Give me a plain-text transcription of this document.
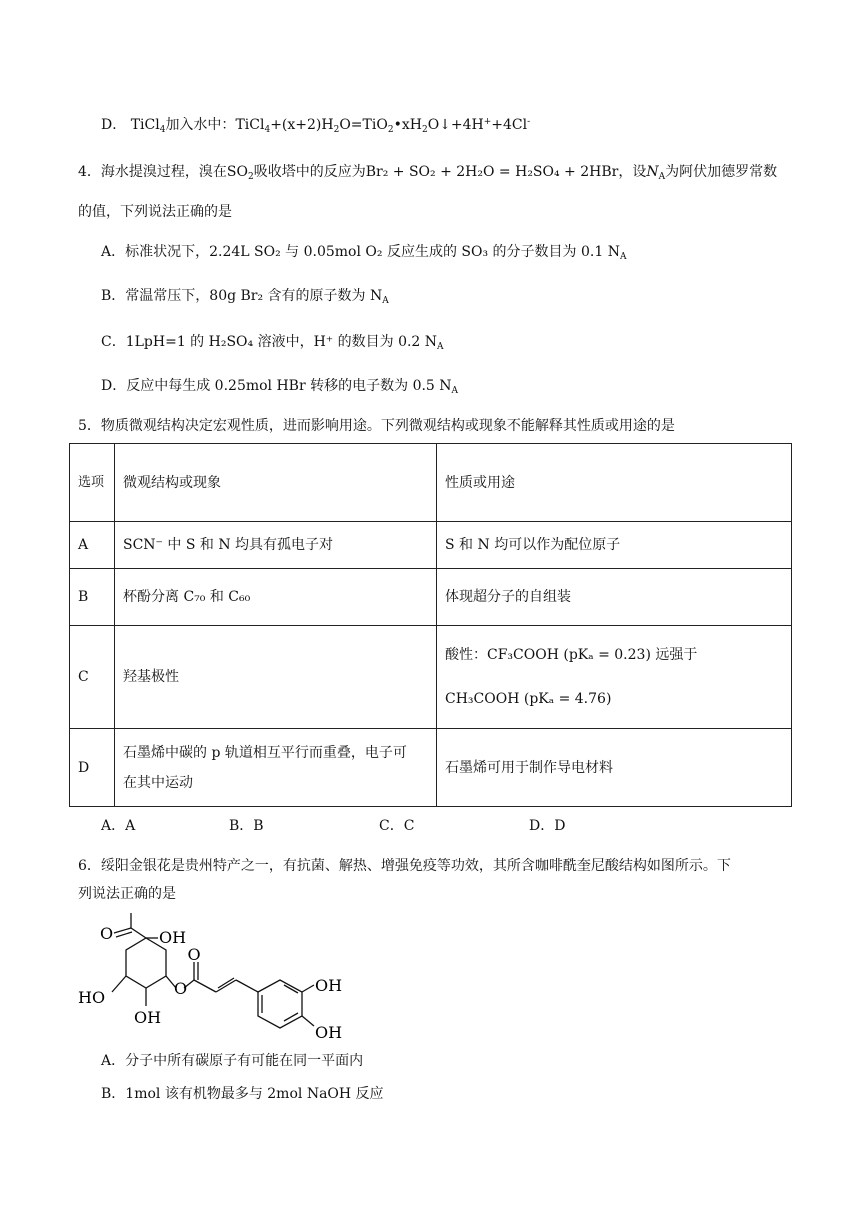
D． TiCl$_4$加入水中：$TiCl_4+(x+2)H_2O=TiO_2•xH_2O↓+4H^++4Cl^-$
4．海水提溴过程，溴在$SO_2$吸收塔中的反应为Br₂ + SO₂ + 2H₂O = H₂SO₄ + 2HBr，设$N_A$为阿伏加德罗常数
的值，下列说法正确的是
A．标准状况下，2.24L SO₂ 与 0.05mol O₂ 反应生成的 SO₃ 的分子数目为 0.1 $N_A$
B．常温常压下，80g Br₂ 含有的原子数为 $N_A$
C．1LpH=1 的 H₂SO₄ 溶液中，H⁺ 的数目为 0.2 $N_A$
D．反应中每生成 0.25mol HBr 转移的电子数为 0.5 $N_A$
5．物质微观结构决定宏观性质，进而影响用途。下列微观结构或现象不能解释其性质或用途的是
选项	微观结构或现象	性质或用途
A	SCN⁻ 中 S 和 N 均具有孤电子对	S 和 N 均可以作为配位原子
B	杯酚分离 C₇₀ 和 C₆₀	体现超分子的自组装
C	羟基极性	酸性：CF₃COOH (pKₐ = 0.23) 远强于
CH₃COOH (pKₐ = 4.76)

D	石墨烯中碳的 p 轨道相互平行而重叠，电子可
在其中运动	石墨烯可用于制作导电材料
A．A	B．B	C．C	D．D
6．绥阳金银花是贵州特产之一，有抗菌、解热、增强免疫等功效，其所含咖啡酰奎尼酸结构如图所示。下
列说法正确的是
O	OH
O
O
HO
OH
OH
OH
A．分子中所有碳原子有可能在同一平面内
B．1mol 该有机物最多与 2mol NaOH 反应
